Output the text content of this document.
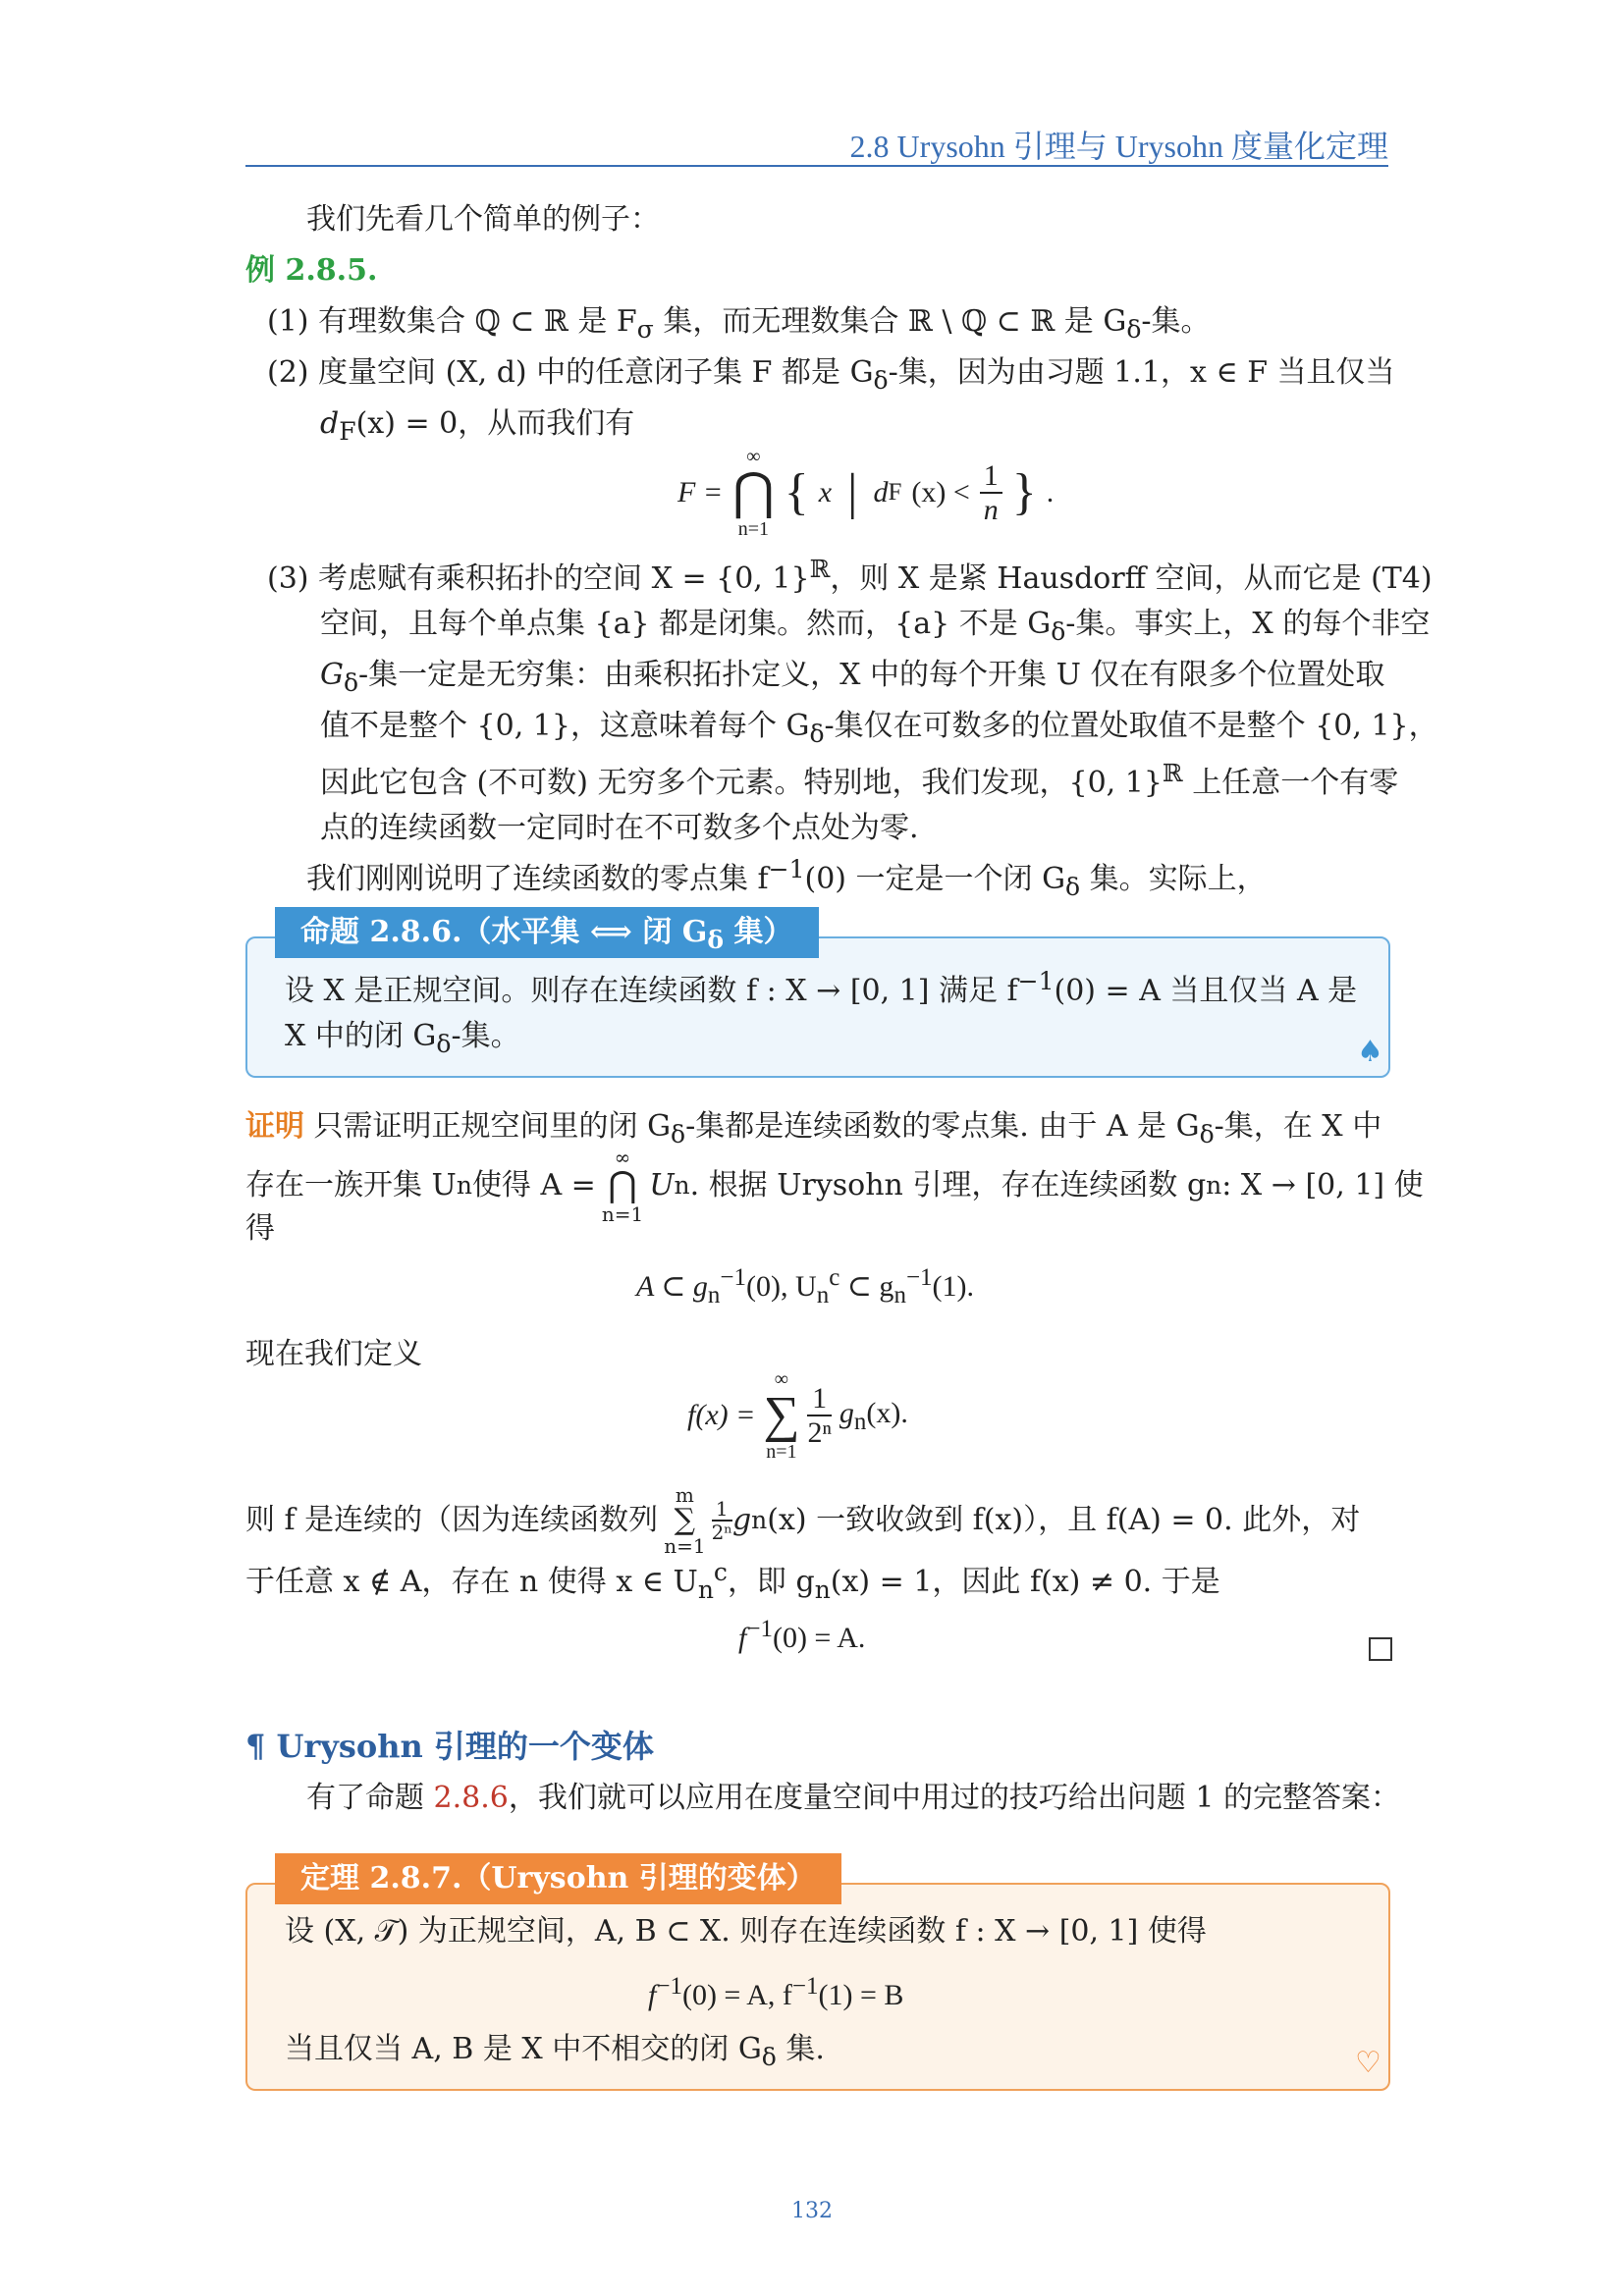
2.8 Urysohn 引理与 Urysohn 度量化定理
我们先看几个简单的例子：
例 2.8.5.
(1) 有理数集合 ℚ ⊂ ℝ 是 $F_\sigma$ 集，而无理数集合 ℝ \ ℚ ⊂ ℝ 是 $G_\delta-$集。
(2) 度量空间 (X, d) 中的任意闭子集 F 都是 $G_\delta-$集，因为由习题 1.1，x ∈ F 当且仅当
$d_F(x) = 0$，从而我们有
F =
∞
⋂
n=1
{ x | d F $(x) < \frac{1}{n}$ } .
(3) 考虑赋有乘积拓扑的空间 X = {0, 1}$^ℝ$，则 X 是紧 Hausdorff 空间，从而它是 (T4)
空间，且每个单点集 {a} 都是闭集。然而，{a} 不是 $G_\delta-$集。事实上，X 的每个非空
$G_\delta-$集一定是无穷集：由乘积拓扑定义，X 中的每个开集 U 仅在有限多个位置处取
值不是整个 {0, 1}，这意味着每个 $G_\delta-$集仅在可数多的位置处取值不是整个 {0, 1}，
因此它包含 (不可数) 无穷多个元素。特别地，我们发现，{0, 1}$^ℝ$ 上任意一个有零
点的连续函数一定同时在不可数多个点处为零.
我们刚刚说明了连续函数的零点集 $f^{-1}(0)$ 一定是一个闭 $G_\delta$ 集。实际上，
命题 2.8.6.（水平集 ⟺ 闭 $G_\delta$ 集）
设 X 是正规空间。则存在连续函数 f : X → [0, 1] 满足 $f^{-1}(0) = A$ 当且仅当 A 是
X 中的闭 $G_\delta-$集。	♠
证明 只需证明正规空间里的闭 $G_\delta-$集都是连续函数的零点集. 由于 A 是 $G_\delta-$集，在 X 中
存在一族开集 U n 使得 A =
∞
⋂
n=1
U n . 根据 Urysohn 引理，存在连续函数 g n : X → [0, 1] 使
得
A ⊂ $g_n^{-1}(0)$, $U_n^c$ ⊂ $g_n^{-1}(1)$.
现在我们定义
f(x) =
∞
∑
n=1
$\frac{1}{\text{2ⁿ}} g_n(x)$.
则 f 是连续的（因为连续函数列
m
∑
n=1
$\frac{1}{\text{2ⁿ}}$ g n (x) 一致收敛到 f(x)），且 f(A) = 0. 此外，对
于任意 x ∉ A，存在 n 使得 x ∈ $U_n^c$，即 $g_n(x) = 1$，因此 f(x) ≠ 0. 于是
$f^{-1}(0) = A$.
¶ Urysohn 引理的一个变体
有了命题 2.8.6，我们就可以应用在度量空间中用过的技巧给出问题 1 的完整答案：
定理 2.8.7.（Urysohn 引理的变体）
设 (X, 𝒯) 为正规空间，A, B ⊂ X. 则存在连续函数 f : X → [0, 1] 使得
$f^{-1}(0) = A$, $f^{-1}(1) = B$
当且仅当 A, B 是 X 中不相交的闭 $G_\delta$ 集.	♡
132
